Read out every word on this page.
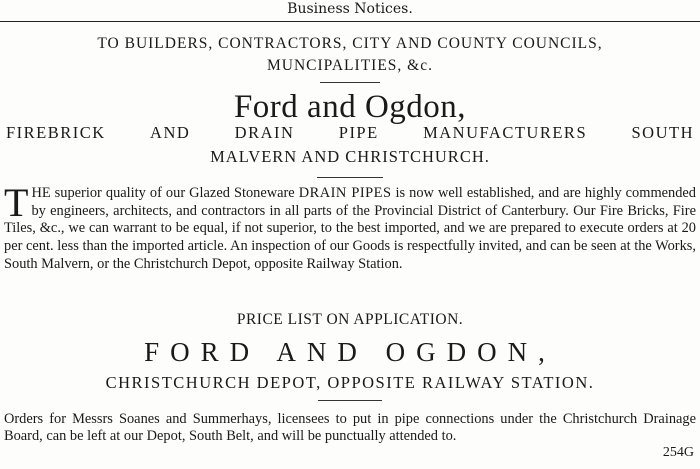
Business Notices.
TO BUILDERS, CONTRACTORS, CITY AND COUNTY COUNCILS,
MUNCIPALITIES, &c.
Ford and Ogdon,
FIREBRICK	AND	DRAIN	PIPE	MANUFACTURERS	SOUTH
MALVERN AND CHRISTCHURCH.
THE superior quality of our Glazed Stoneware DRAIN PIPES is now well established, and are highly commended by engineers, architects, and contractors in all parts of the Provincial District of Canterbury. Our Fire Bricks, Fire Tiles, &c., we can warrant to be equal, if not superior, to the best imported, and we are prepared to execute orders at 20 per cent. less than the imported article. An inspection of our Goods is respectfully invited, and can be seen at the Works, South Malvern, or the Christchurch Depot, opposite Railway Station.
PRICE LIST ON APPLICATION.
FORD AND OGDON,
CHRISTCHURCH DEPOT, OPPOSITE RAILWAY STATION.
Orders for Messrs Soanes and Summerhays, licensees to put in pipe connections under the Christchurch Drainage Board, can be left at our Depot, South Belt, and will be punctually attended to.
254G
